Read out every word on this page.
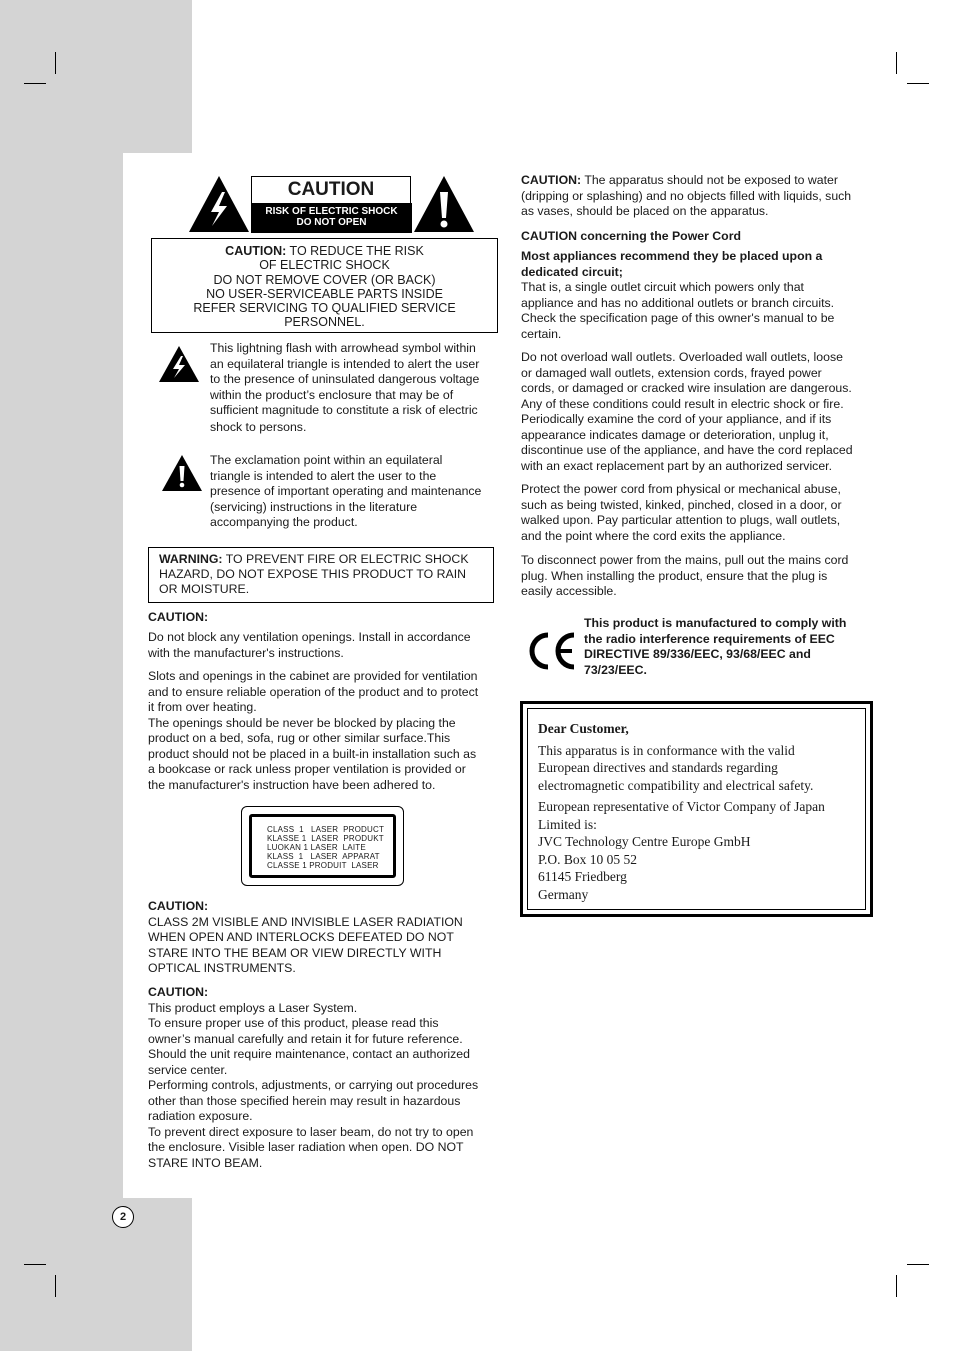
2
CAUTION
RISK OF ELECTRIC SHOCK
DO NOT OPEN
CAUTION: TO REDUCE THE RISK
OF ELECTRIC SHOCK
DO NOT REMOVE COVER (OR BACK)
NO USER-SERVICEABLE PARTS INSIDE
REFER SERVICING TO QUALIFIED SERVICE
PERSONNEL.
This lightning flash with arrowhead symbol within
an equilateral triangle is intended to alert the user
to the presence of uninsulated dangerous voltage
within the product’s enclosure that may be of
sufficient magnitude to constitute a risk of electric
shock to persons.
The exclamation point within an equilateral
triangle is intended to alert the user to the
presence of important operating and maintenance
(servicing) instructions in the literature
accompanying the product.
WARNING: TO PREVENT FIRE OR ELECTRIC SHOCK
HAZARD, DO NOT EXPOSE THIS PRODUCT TO RAIN
OR MOISTURE.
CAUTION:
Do not block any ventilation openings. Install in accordance
with the manufacturer's instructions.
Slots and openings in the cabinet are provided for ventilation
and to ensure reliable operation of the product and to protect
it from over heating.
The openings should be never be blocked by placing the
product on a bed, sofa, rug or other similar surface.This
product should not be placed in a built-in installation such as
a bookcase or rack unless proper ventilation is provided or
the manufacturer's instruction have been adhered to.
CLASS  1   LASER  PRODUCT
KLASSE 1  LASER  PRODUKT
LUOKAN 1 LASER  LAITE
KLASS  1   LASER  APPARAT
CLASSE 1 PRODUIT  LASER
CAUTION:
CLASS 2M VISIBLE AND INVISIBLE LASER RADIATION
WHEN OPEN AND INTERLOCKS DEFEATED DO NOT
STARE INTO THE BEAM OR VIEW DIRECTLY WITH
OPTICAL INSTRUMENTS.
CAUTION:
This product employs a Laser System.
To ensure proper use of this product, please read this
owner’s manual carefully and retain it for future reference.
Should the unit require maintenance, contact an authorized
service center.
Performing controls, adjustments, or carrying out procedures
other than those specified herein may result in hazardous
radiation exposure.
To prevent direct exposure to laser beam, do not try to open
the enclosure. Visible laser radiation when open. DO NOT
STARE INTO BEAM.
CAUTION: The apparatus should not be exposed to water
(dripping or splashing) and no objects filled with liquids, such
as vases, should be placed on the apparatus.
CAUTION concerning the Power Cord
Most appliances recommend they be placed upon a
dedicated circuit;
That is, a single outlet circuit which powers only that
appliance and has no additional outlets or branch circuits.
Check the specification page of this owner's manual to be
certain.
Do not overload wall outlets. Overloaded wall outlets, loose
or damaged wall outlets, extension cords, frayed power
cords, or damaged or cracked wire insulation are dangerous.
Any of these conditions could result in electric shock or fire.
Periodically examine the cord of your appliance, and if its
appearance indicates damage or deterioration, unplug it,
discontinue use of the appliance, and have the cord replaced
with an exact replacement part by an authorized servicer.
Protect the power cord from physical or mechanical abuse,
such as being twisted, kinked, pinched, closed in a door, or
walked upon. Pay particular attention to plugs, wall outlets,
and the point where the cord exits the appliance.
To disconnect power from the mains, pull out the mains cord
plug. When installing the product, ensure that the plug is
easily accessible.
This product is manufactured to comply with
the radio interference requirements of EEC
DIRECTIVE 89/336/EEC, 93/68/EEC and
73/23/EEC.
Dear Customer,
This apparatus is in conformance with the valid
European directives and standards regarding
electromagnetic compatibility and electrical safety.
European representative of Victor Company of Japan
Limited is:
JVC Technology Centre Europe GmbH
P.O. Box 10 05 52
61145 Friedberg
Germany
